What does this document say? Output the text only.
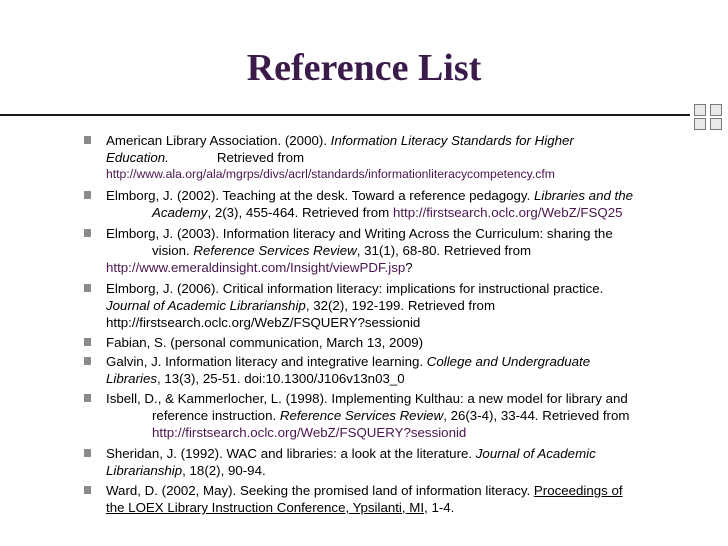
Reference List
American Library Association. (2000). Information Literacy Standards for Higher
Education.	Retrieved from
http://www.ala.org/ala/mgrps/divs/acrl/standards/informationliteracycompetency.cfm
Elmborg, J. (2002). Teaching at the desk. Toward a reference pedagogy. Libraries and the
Academy, 2(3), 455-464. Retrieved from http://firstsearch.oclc.org/WebZ/FSQ25
Elmborg, J. (2003). Information literacy and Writing Across the Curriculum: sharing the
vision. Reference Services Review, 31(1), 68-80. Retrieved from
http://www.emeraldinsight.com/Insight/viewPDF.jsp?
Elmborg, J. (2006). Critical information literacy: implications for instructional practice.
Journal of Academic Librarianship, 32(2), 192-199. Retrieved from
http://firstsearch.oclc.org/WebZ/FSQUERY?sessionid
Fabian, S. (personal communication, March 13, 2009)
Galvin, J. Information literacy and integrative learning. College and Undergraduate
Libraries, 13(3), 25-51. doi:10.1300/J106v13n03_0
Isbell, D., & Kammerlocher, L. (1998). Implementing Kulthau: a new model for library and
reference instruction. Reference Services Review, 26(3-4), 33-44. Retrieved from
http://firstsearch.oclc.org/WebZ/FSQUERY?sessionid
Sheridan, J. (1992). WAC and libraries: a look at the literature. Journal of Academic
Librarianship, 18(2), 90-94.
Ward, D. (2002, May). Seeking the promised land of information literacy. Proceedings of
the LOEX Library Instruction Conference, Ypsilanti, MI, 1-4.
